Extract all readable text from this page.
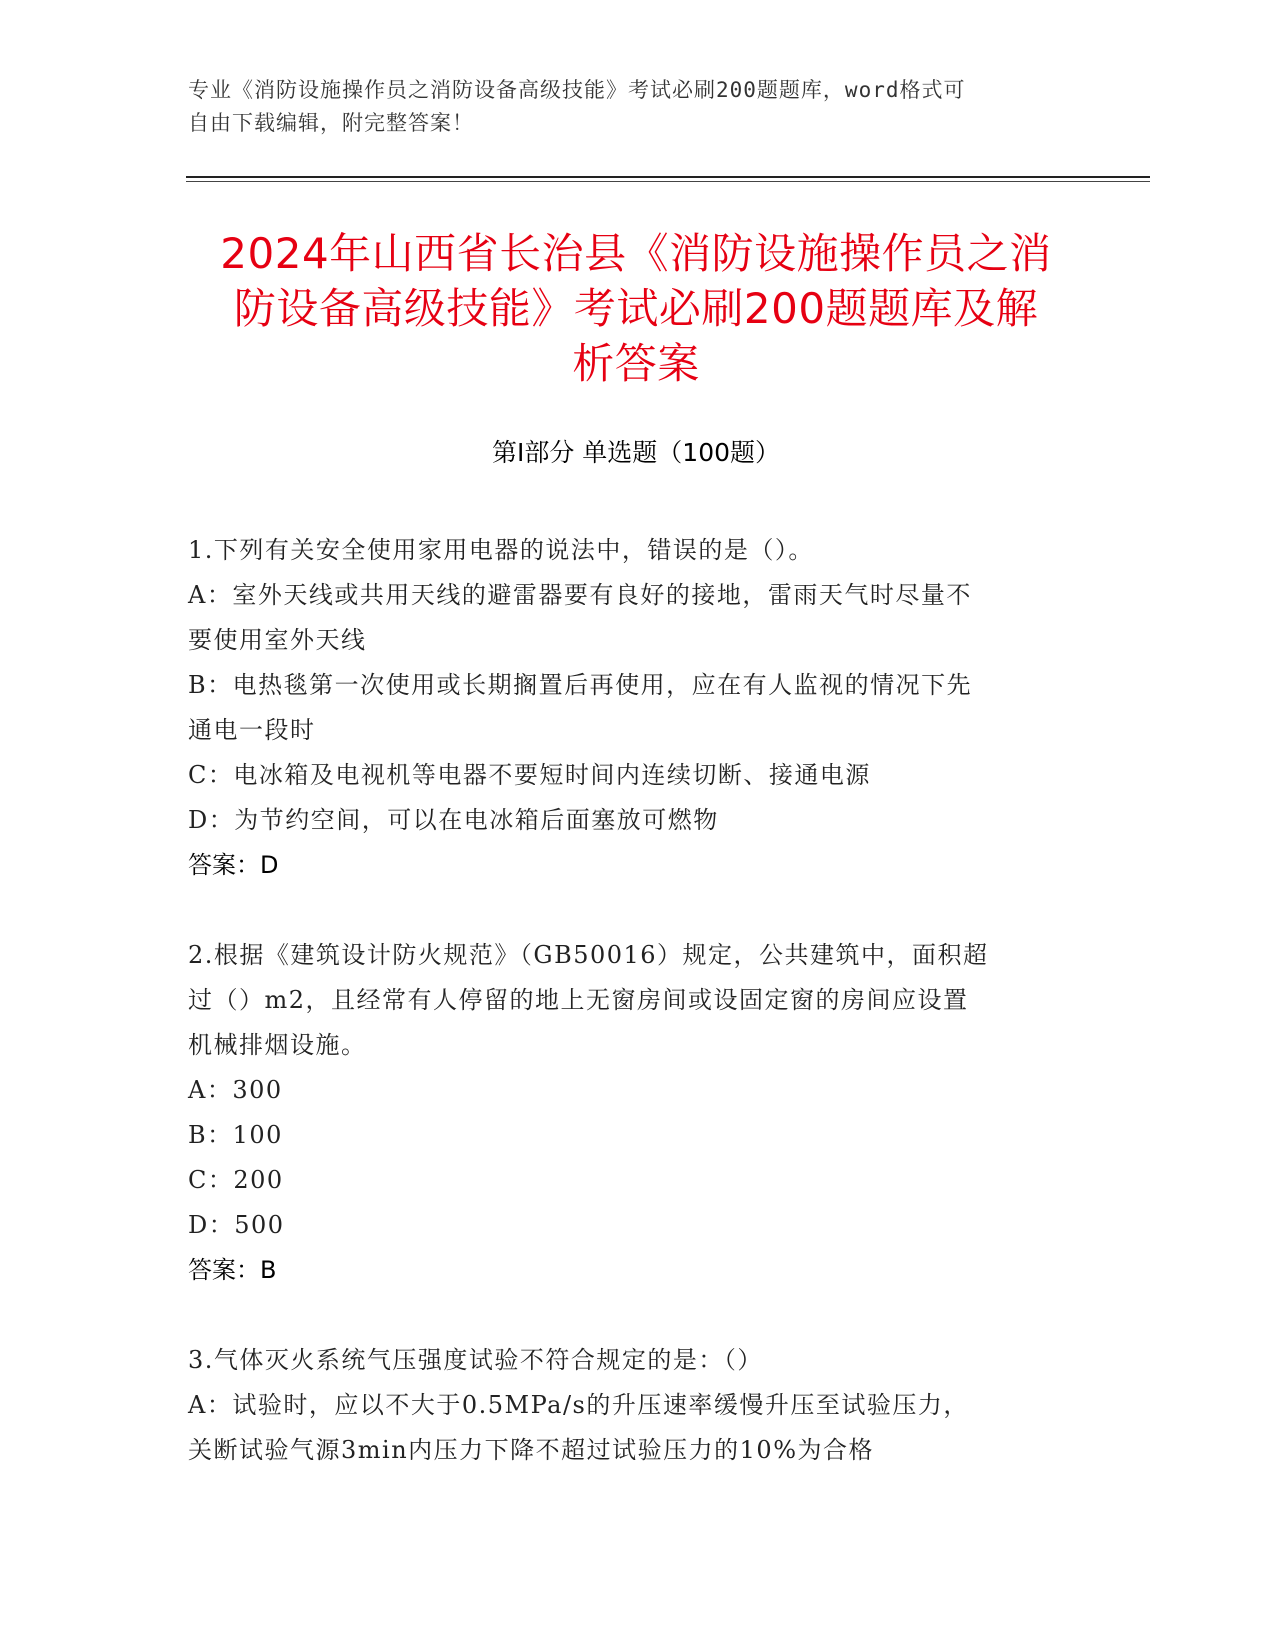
专业《消防设施操作员之消防设备高级技能》考试必刷200题题库，word格式可
自由下载编辑，附完整答案！
2024年山西省长治县《消防设施操作员之消
防设备高级技能》考试必刷200题题库及解
析答案
第Ⅰ部分 单选题（100题）
1.下列有关安全使用家用电器的说法中，错误的是（）。
A：室外天线或共用天线的避雷器要有良好的接地，雷雨天气时尽量不
要使用室外天线
B：电热毯第一次使用或长期搁置后再使用，应在有人监视的情况下先
通电一段时
C：电冰箱及电视机等电器不要短时间内连续切断、接通电源
D：为节约空间，可以在电冰箱后面塞放可燃物
答案：D
2.根据《建筑设计防火规范》（GB50016）规定，公共建筑中，面积超
过（）m2，且经常有人停留的地上无窗房间或设固定窗的房间应设置
机械排烟设施。
A：300
B：100
C：200
D：500
答案：B
3.气体灭火系统气压强度试验不符合规定的是：（）
A：试验时，应以不大于0.5MPa/s的升压速率缓慢升压至试验压力，
关断试验气源3min内压力下降不超过试验压力的10%为合格
